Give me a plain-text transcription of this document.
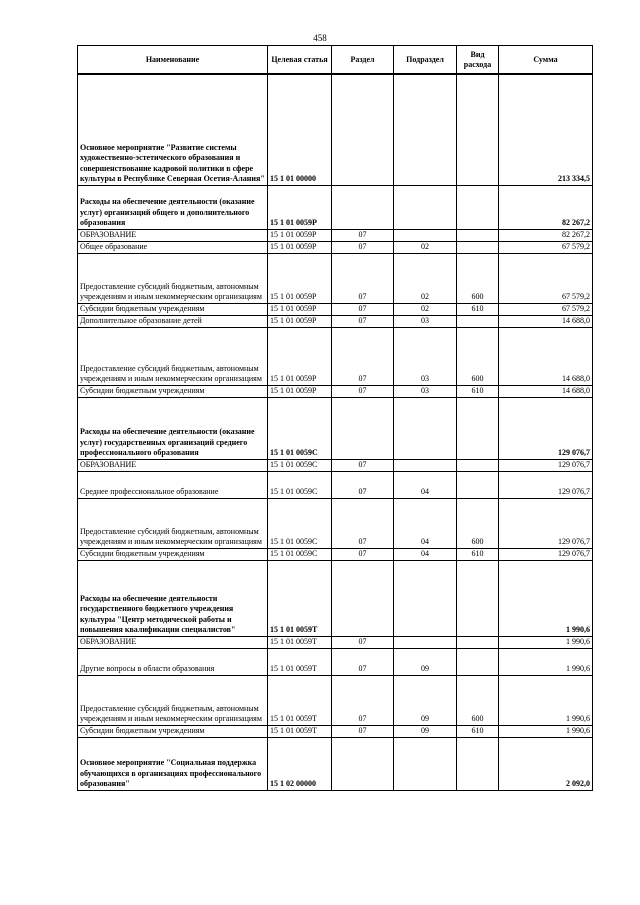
458
Наименование	Целевая статья	Раздел	Подраздел	Вид расхода	Сумма
Основное мероприятие "Развитие системы художественно-эстетического образования и совершенствование кадровой политики в сфере культуры в Республике Северная Осетия-Алания"	15 1 01 00000				213 334,5
Расходы на обеспечение деятельности (оказание услуг) организаций общего и дополнительного образования	15 1 01 0059Р				82 267,2
ОБРАЗОВАНИЕ	15 1 01 0059Р	07			82 267,2
Общее образование	15 1 01 0059Р	07	02		67 579,2
Предоставление субсидий бюджетным, автономным учреждениям и иным некоммерческим организациям	15 1 01 0059Р	07	02	600	67 579,2
Субсидии бюджетным учреждениям	15 1 01 0059Р	07	02	610	67 579,2
Дополнительное образование детей	15 1 01 0059Р	07	03		14 688,0
Предоставление субсидий бюджетным, автономным учреждениям и иным некоммерческим организациям	15 1 01 0059Р	07	03	600	14 688,0
Субсидии бюджетным учреждениям	15 1 01 0059Р	07	03	610	14 688,0
Расходы на обеспечение деятельности (оказание услуг) государственных организаций среднего профессионального образования	15 1 01 0059С				129 076,7
ОБРАЗОВАНИЕ	15 1 01 0059С	07			129 076,7
Среднее профессиональное образование	15 1 01 0059С	07	04		129 076,7
Предоставление субсидий бюджетным, автономным учреждениям и иным некоммерческим организациям	15 1 01 0059С	07	04	600	129 076,7
Субсидии бюджетным учреждениям	15 1 01 0059С	07	04	610	129 076,7
Расходы на обеспечение деятельности государственного бюджетного учреждения культуры "Центр методической работы и повышения квалификации специалистов"	15 1 01 0059Т				1 990,6
ОБРАЗОВАНИЕ	15 1 01 0059Т	07			1 990,6
Другие вопросы в области образования	15 1 01 0059Т	07	09		1 990,6
Предоставление субсидий бюджетным, автономным учреждениям и иным некоммерческим организациям	15 1 01 0059Т	07	09	600	1 990,6
Субсидии бюджетным учреждениям	15 1 01 0059Т	07	09	610	1 990,6
Основное мероприятие "Социальная поддержка обучающихся в организациях профессионального образования"	15 1 02 00000				2 092,0
